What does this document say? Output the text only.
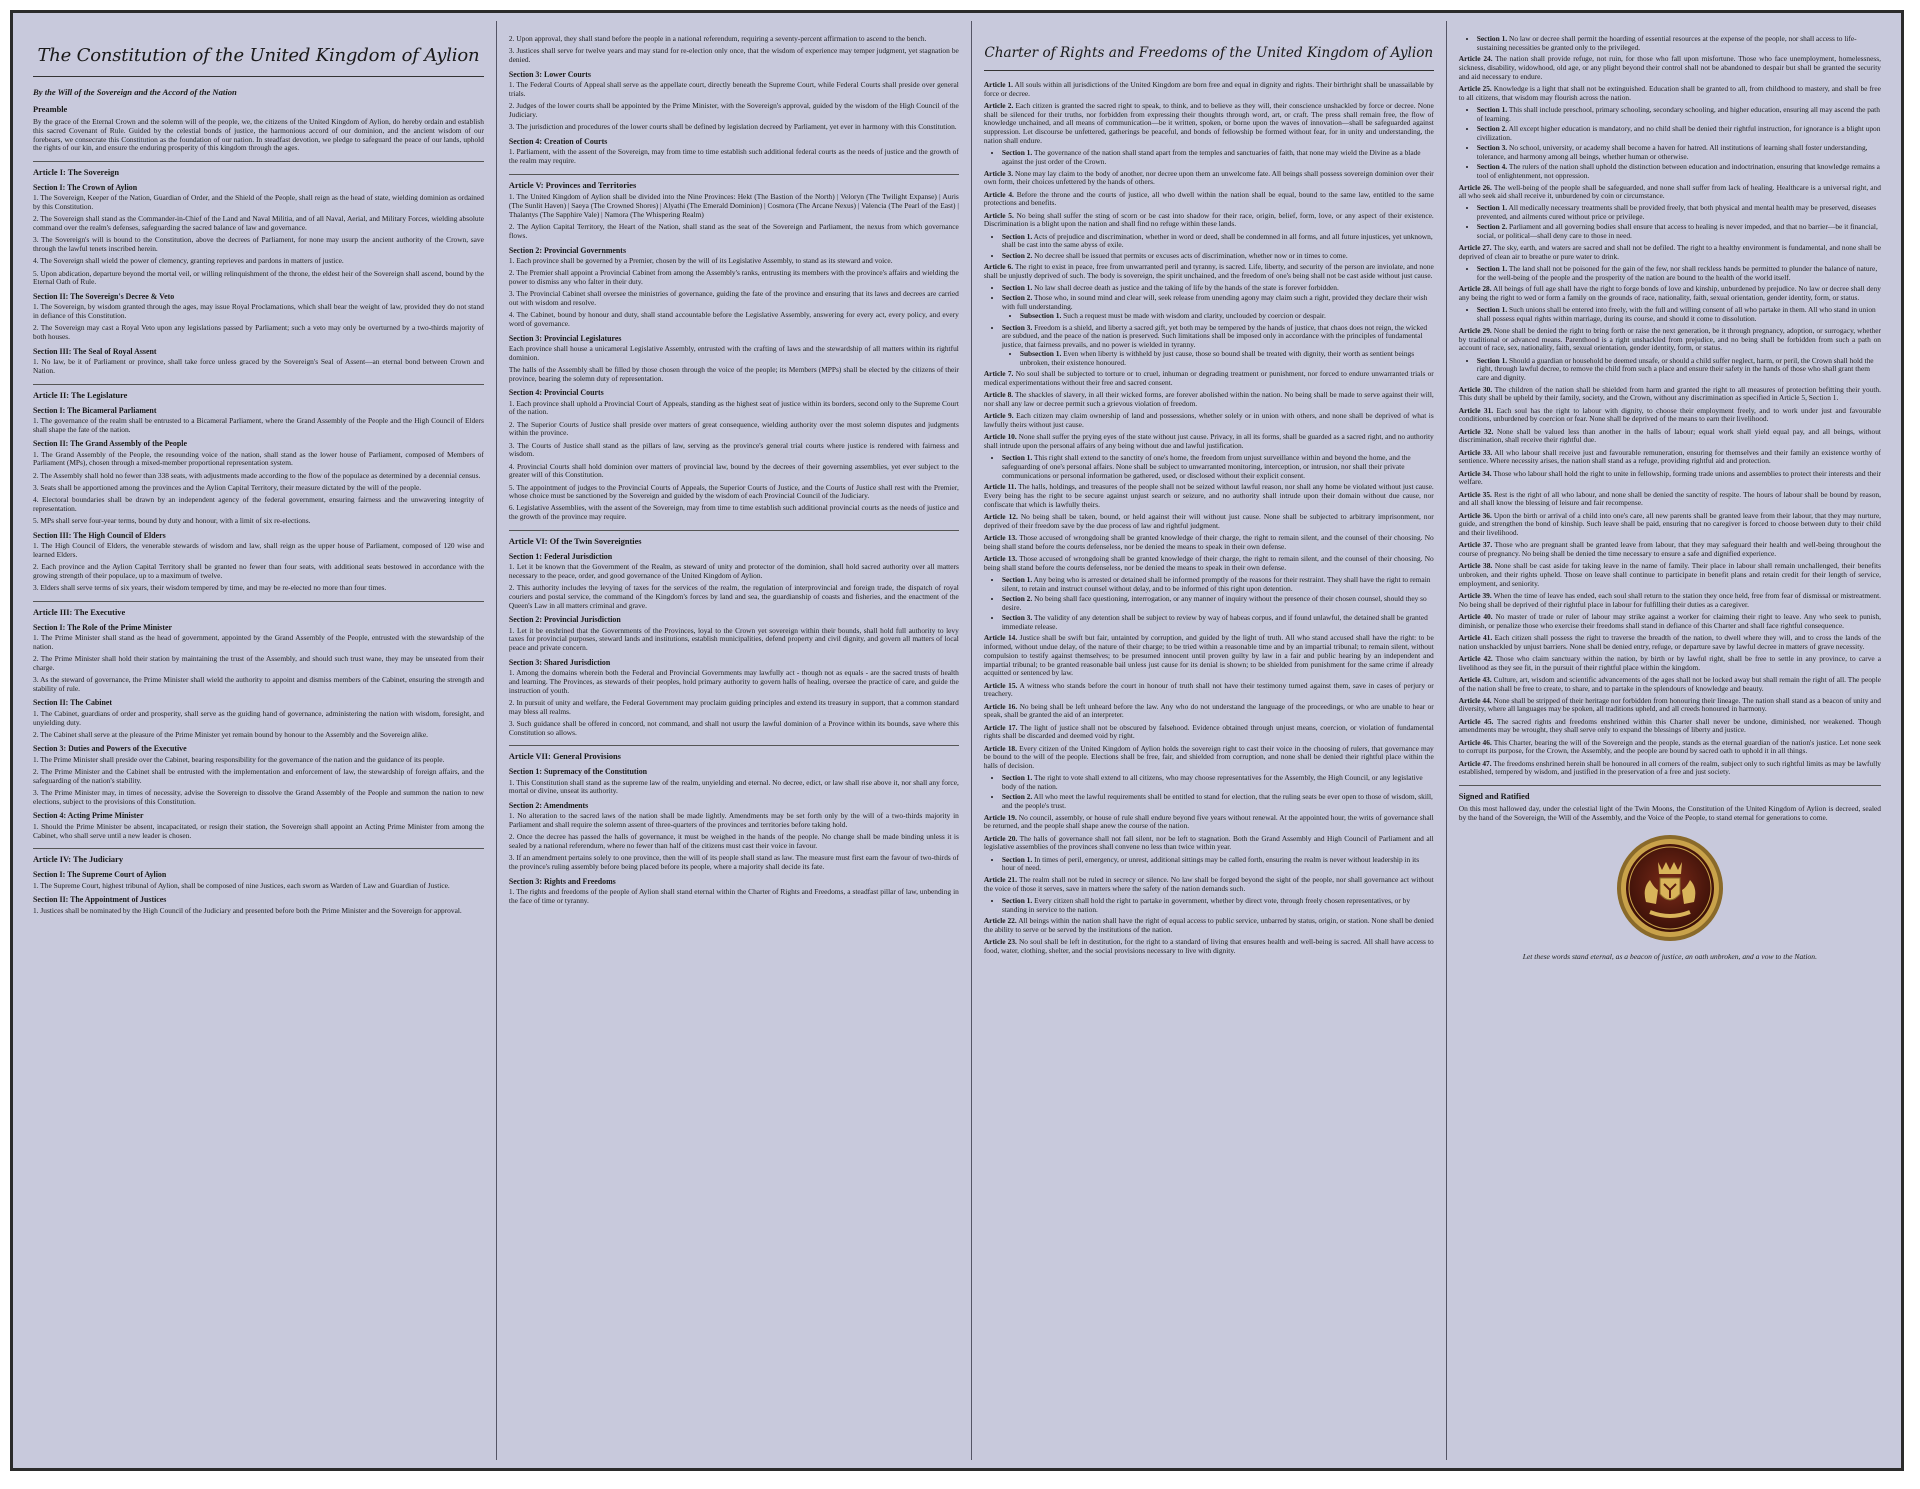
The Constitution of the United Kingdom of Aylion
By the Will of the Sovereign and the Accord of the Nation
Preamble

By the grace of the Eternal Crown and the solemn will of the people, we, the citizens of the United Kingdom of Aylion, do hereby ordain and establish this sacred Covenant of Rule. Guided by the celestial bonds of justice, the harmonious accord of our dominion, and the ancient wisdom of our forebears, we consecrate this Constitution as the foundation of our nation. In steadfast devotion, we pledge to safeguard the peace of our lands, uphold the rights of our kin, and ensure the enduring prosperity of this kingdom through the ages.

Article I: The Sovereign
Section I: The Crown of Aylion

1. The Sovereign, Keeper of the Nation, Guardian of Order, and the Shield of the People, shall reign as the head of state, wielding dominion as ordained by this Constitution.

2. The Sovereign shall stand as the Commander-in-Chief of the Land and Naval Militia, and of all Naval, Aerial, and Military Forces, wielding absolute command over the realm's defenses, safeguarding the sacred balance of law and governance.

3. The Sovereign's will is bound to the Constitution, above the decrees of Parliament, for none may usurp the ancient authority of the Crown, save through the lawful tenets inscribed herein.

4. The Sovereign shall wield the power of clemency, granting reprieves and pardons in matters of justice.

5. Upon abdication, departure beyond the mortal veil, or willing relinquishment of the throne, the eldest heir of the Sovereign shall ascend, bound by the Eternal Oath of Rule.

Section II: The Sovereign's Decree & Veto

1. The Sovereign, by wisdom granted through the ages, may issue Royal Proclamations, which shall bear the weight of law, provided they do not stand in defiance of this Constitution.

2. The Sovereign may cast a Royal Veto upon any legislations passed by Parliament; such a veto may only be overturned by a two-thirds majority of both houses.

Section III: The Seal of Royal Assent

1. No law, be it of Parliament or province, shall take force unless graced by the Sovereign's Seal of Assent—an eternal bond between Crown and Nation.

Article II: The Legislature
Section I: The Bicameral Parliament

1. The governance of the realm shall be entrusted to a Bicameral Parliament, where the Grand Assembly of the People and the High Council of Elders shall shape the fate of the nation.

Section II: The Grand Assembly of the People

1. The Grand Assembly of the People, the resounding voice of the nation, shall stand as the lower house of Parliament, composed of Members of Parliament (MPs), chosen through a mixed-member proportional representation system.

2. The Assembly shall hold no fewer than 338 seats, with adjustments made according to the flow of the populace as determined by a decennial census.

3. Seats shall be apportioned among the provinces and the Aylion Capital Territory, their measure dictated by the will of the people.

4. Electoral boundaries shall be drawn by an independent agency of the federal government, ensuring fairness and the unwavering integrity of representation.

5. MPs shall serve four-year terms, bound by duty and honour, with a limit of six re-elections.

Section III: The High Council of Elders

1. The High Council of Elders, the venerable stewards of wisdom and law, shall reign as the upper house of Parliament, composed of 120 wise and learned Elders.

2. Each province and the Aylion Capital Territory shall be granted no fewer than four seats, with additional seats bestowed in accordance with the growing strength of their populace, up to a maximum of twelve.

3. Elders shall serve terms of six years, their wisdom tempered by time, and may be re-elected no more than four times.

Article III: The Executive
Section I: The Role of the Prime Minister

1. The Prime Minister shall stand as the head of government, appointed by the Grand Assembly of the People, entrusted with the stewardship of the nation.

2. The Prime Minister shall hold their station by maintaining the trust of the Assembly, and should such trust wane, they may be unseated from their charge.

3. As the steward of governance, the Prime Minister shall wield the authority to appoint and dismiss members of the Cabinet, ensuring the strength and stability of rule.

Section II: The Cabinet

1. The Cabinet, guardians of order and prosperity, shall serve as the guiding hand of governance, administering the nation with wisdom, foresight, and unyielding duty.

2. The Cabinet shall serve at the pleasure of the Prime Minister yet remain bound by honour to the Assembly and the Sovereign alike.

Section 3: Duties and Powers of the Executive

1. The Prime Minister shall preside over the Cabinet, bearing responsibility for the governance of the nation and the guidance of its people.

2. The Prime Minister and the Cabinet shall be entrusted with the implementation and enforcement of law, the stewardship of foreign affairs, and the safeguarding of the nation's stability.

3. The Prime Minister may, in times of necessity, advise the Sovereign to dissolve the Grand Assembly of the People and summon the nation to new elections, subject to the provisions of this Constitution.

Section 4: Acting Prime Minister

1. Should the Prime Minister be absent, incapacitated, or resign their station, the Sovereign shall appoint an Acting Prime Minister from among the Cabinet, who shall serve until a new leader is chosen.

Article IV: The Judiciary
Section I: The Supreme Court of Aylion

1. The Supreme Court, highest tribunal of Aylion, shall be composed of nine Justices, each sworn as Warden of Law and Guardian of Justice.

Section II: The Appointment of Justices

1. Justices shall be nominated by the High Council of the Judiciary and presented before both the Prime Minister and the Sovereign for approval.

2. Upon approval, they shall stand before the people in a national referendum, requiring a seventy-percent affirmation to ascend to the bench.

3. Justices shall serve for twelve years and may stand for re-election only once, that the wisdom of experience may temper judgment, yet stagnation be denied.

Section 3: Lower Courts

1. The Federal Courts of Appeal shall serve as the appellate court, directly beneath the Supreme Court, while Federal Courts shall preside over general trials.

2. Judges of the lower courts shall be appointed by the Prime Minister, with the Sovereign's approval, guided by the wisdom of the High Council of the Judiciary.

3. The jurisdiction and procedures of the lower courts shall be defined by legislation decreed by Parliament, yet ever in harmony with this Constitution.

Section 4: Creation of Courts

1. Parliament, with the assent of the Sovereign, may from time to time establish such additional federal courts as the needs of justice and the growth of the realm may require.

Article V: Provinces and Territories

1. The United Kingdom of Aylion shall be divided into the Nine Provinces: Hekt (The Bastion of the North) | Veloryn (The Twilight Expanse) | Auris (The Sunlit Haven) | Saeya (The Crowned Shores) | Alyathi (The Emerald Dominion) | Cosmora (The Arcane Nexus) | Valencia (The Pearl of the East) | Thalantys (The Sapphire Vale) | Namora (The Whispering Realm)

2. The Aylion Capital Territory, the Heart of the Nation, shall stand as the seat of the Sovereign and Parliament, the nexus from which governance flows.

Section 2: Provincial Governments

1. Each province shall be governed by a Premier, chosen by the will of its Legislative Assembly, to stand as its steward and voice.

2. The Premier shall appoint a Provincial Cabinet from among the Assembly's ranks, entrusting its members with the province's affairs and wielding the power to dismiss any who falter in their duty.

3. The Provincial Cabinet shall oversee the ministries of governance, guiding the fate of the province and ensuring that its laws and decrees are carried out with wisdom and resolve.

4. The Cabinet, bound by honour and duty, shall stand accountable before the Legislative Assembly, answering for every act, every policy, and every word of governance.

Section 3: Provincial Legislatures

Each province shall house a unicameral Legislative Assembly, entrusted with the crafting of laws and the stewardship of all matters within its rightful dominion.

The halls of the Assembly shall be filled by those chosen through the voice of the people; its Members (MPPs) shall be elected by the citizens of their province, bearing the solemn duty of representation.

Section 4: Provincial Courts

1. Each province shall uphold a Provincial Court of Appeals, standing as the highest seat of justice within its borders, second only to the Supreme Court of the nation.

2. The Superior Courts of Justice shall preside over matters of great consequence, wielding authority over the most solemn disputes and judgments within the province.

3. The Courts of Justice shall stand as the pillars of law, serving as the province's general trial courts where justice is rendered with fairness and wisdom.

4. Provincial Courts shall hold dominion over matters of provincial law, bound by the decrees of their governing assemblies, yet ever subject to the greater will of this Constitution.

5. The appointment of judges to the Provincial Courts of Appeals, the Superior Courts of Justice, and the Courts of Justice shall rest with the Premier, whose choice must be sanctioned by the Sovereign and guided by the wisdom of each Provincial Council of the Judiciary.

6. Legislative Assemblies, with the assent of the Sovereign, may from time to time establish such additional provincial courts as the needs of justice and the growth of the province may require.

Article VI: Of the Twin Sovereignties
Section 1: Federal Jurisdiction

1. Let it be known that the Government of the Realm, as steward of unity and protector of the dominion, shall hold sacred authority over all matters necessary to the peace, order, and good governance of the United Kingdom of Aylion.

2. This authority includes the levying of taxes for the services of the realm, the regulation of interprovincial and foreign trade, the dispatch of royal couriers and postal service, the command of the Kingdom's forces by land and sea, the guardianship of coasts and fisheries, and the enactment of the Queen's Law in all matters criminal and grave.

Section 2: Provincial Jurisdiction

1. Let it be enshrined that the Governments of the Provinces, loyal to the Crown yet sovereign within their bounds, shall hold full authority to levy taxes for provincial purposes, steward lands and institutions, establish municipalities, defend property and civil dignity, and govern all matters of local peace and private concern.

Section 3: Shared Jurisdiction

1. Among the domains wherein both the Federal and Provincial Governments may lawfully act - though not as equals - are the sacred trusts of health and learning. The Provinces, as stewards of their peoples, hold primary authority to govern halls of healing, oversee the practice of care, and guide the instruction of youth.

2. In pursuit of unity and welfare, the Federal Government may proclaim guiding principles and extend its treasury in support, that a common standard may bless all realms.

3. Such guidance shall be offered in concord, not command, and shall not usurp the lawful dominion of a Province within its bounds, save where this Constitution so allows.

Article VII: General Provisions
Section 1: Supremacy of the Constitution

1. This Constitution shall stand as the supreme law of the realm, unyielding and eternal. No decree, edict, or law shall rise above it, nor shall any force, mortal or divine, unseat its authority.

Section 2: Amendments

1. No alteration to the sacred laws of the nation shall be made lightly. Amendments may be set forth only by the will of a two-thirds majority in Parliament and shall require the solemn assent of three-quarters of the provinces and territories before taking hold.

2. Once the decree has passed the halls of governance, it must be weighed in the hands of the people. No change shall be made binding unless it is sealed by a national referendum, where no fewer than half of the citizens must cast their voice in favour.

3. If an amendment pertains solely to one province, then the will of its people shall stand as law. The measure must first earn the favour of two-thirds of the province's ruling assembly before being placed before its people, where a majority shall decide its fate.

Section 3: Rights and Freedoms

1. The rights and freedoms of the people of Aylion shall stand eternal within the Charter of Rights and Freedoms, a steadfast pillar of law, unbending in the face of time or tyranny.

Charter of Rights and Freedoms of the United Kingdom of Aylion

Article 1. All souls within all jurisdictions of the United Kingdom are born free and equal in dignity and rights. Their birthright shall be unassailable by force or decree.

Article 2. Each citizen is granted the sacred right to speak, to think, and to believe as they will, their conscience unshackled by force or decree. None shall be silenced for their truths, nor forbidden from expressing their thoughts through word, art, or craft. The press shall remain free, the flow of knowledge unchained, and all means of communication—be it written, spoken, or borne upon the waves of innovation—shall be safeguarded against suppression. Let discourse be unfettered, gatherings be peaceful, and bonds of fellowship be formed without fear, for in unity and understanding, the nation shall endure.

• Section 1. The governance of the nation shall stand apart from the temples and sanctuaries of faith, that none may wield the Divine as a blade against the just order of the Crown.

Article 3. None may lay claim to the body of another, nor decree upon them an unwelcome fate. All beings shall possess sovereign dominion over their own form, their choices unfettered by the hands of others.

Article 4. Before the throne and the courts of justice, all who dwell within the nation shall be equal, bound to the same law, entitled to the same protections and benefits.

Article 5. No being shall suffer the sting of scorn or be cast into shadow for their race, origin, belief, form, love, or any aspect of their existence. Discrimination is a blight upon the nation and shall find no refuge within these lands.

• Section 1. Acts of prejudice and discrimination, whether in word or deed, shall be condemned in all forms, and all future injustices, yet unknown, shall be cast into the same abyss of exile.
• Section 2. No decree shall be issued that permits or excuses acts of discrimination, whether now or in times to come.

Article 6. The right to exist in peace, free from unwarranted peril and tyranny, is sacred. Life, liberty, and security of the person are inviolate, and none shall be unjustly deprived of such. The body is sovereign, the spirit unchained, and the freedom of one's being shall not be cast aside without just cause.

• Section 1. No law shall decree death as justice and the taking of life by the hands of the state is forever forbidden.
• Section 2. Those who, in sound mind and clear will, seek release from unending agony may claim such a right, provided they declare their wish with full understanding.
• Subsection 1. Such a request must be made with wisdom and clarity, unclouded by coercion or despair.
• Section 3. Freedom is a shield, and liberty a sacred gift, yet both may be tempered by the hands of justice, that chaos does not reign, the wicked are subdued, and the peace of the nation is preserved. Such limitations shall be imposed only in accordance with the principles of fundamental justice, that fairness prevails, and no power is wielded in tyranny.
• Subsection 1. Even when liberty is withheld by just cause, those so bound shall be treated with dignity, their worth as sentient beings unbroken, their existence honoured.

Article 7. No soul shall be subjected to torture or to cruel, inhuman or degrading treatment or punishment, nor forced to endure unwarranted trials or medical experimentations without their free and sacred consent.

Article 8. The shackles of slavery, in all their wicked forms, are forever abolished within the nation. No being shall be made to serve against their will, nor shall any law or decree permit such a grievous violation of freedom.

Article 9. Each citizen may claim ownership of land and possessions, whether solely or in union with others, and none shall be deprived of what is lawfully theirs without just cause.

Article 10. None shall suffer the prying eyes of the state without just cause. Privacy, in all its forms, shall be guarded as a sacred right, and no authority shall intrude upon the personal affairs of any being without due and lawful justification.

• Section 1. This right shall extend to the sanctity of one's home, the freedom from unjust surveillance within and beyond the home, and the safeguarding of one's personal affairs. None shall be subject to unwarranted monitoring, interception, or intrusion, nor shall their private communications or personal information be gathered, used, or disclosed without their explicit consent.

Article 11. The halls, holdings, and treasures of the people shall not be seized without lawful reason, nor shall any home be violated without just cause. Every being has the right to be secure against unjust search or seizure, and no authority shall intrude upon their domain without due cause, nor confiscate that which is lawfully theirs.

Article 12. No being shall be taken, bound, or held against their will without just cause. None shall be subjected to arbitrary imprisonment, nor deprived of their freedom save by the due process of law and rightful judgment.

Article 13. Those accused of wrongdoing shall be granted knowledge of their charge, the right to remain silent, and the counsel of their choosing. No being shall stand before the courts defenseless, nor be denied the means to speak in their own defense.

Article 13. Those accused of wrongdoing shall be granted knowledge of their charge, the right to remain silent, and the counsel of their choosing. No being shall stand before the courts defenseless, nor be denied the means to speak in their own defense.

• Section 1. Any being who is arrested or detained shall be informed promptly of the reasons for their restraint. They shall have the right to remain silent, to retain and instruct counsel without delay, and to be informed of this right upon detention.
• Section 2. No being shall face questioning, interrogation, or any manner of inquiry without the presence of their chosen counsel, should they so desire.
• Section 3. The validity of any detention shall be subject to review by way of habeas corpus, and if found unlawful, the detained shall be granted immediate release.

Article 14. Justice shall be swift but fair, untainted by corruption, and guided by the light of truth. All who stand accused shall have the right: to be informed, without undue delay, of the nature of their charge; to be tried within a reasonable time and by an impartial tribunal; to remain silent, without compulsion to testify against themselves; to be presumed innocent until proven guilty by law in a fair and public hearing by an independent and impartial tribunal; to be granted reasonable bail unless just cause for its denial is shown; to be shielded from punishment for the same crime if already acquitted or sentenced by law.

Article 15. A witness who stands before the court in honour of truth shall not have their testimony turned against them, save in cases of perjury or treachery.

Article 16. No being shall be left unheard before the law. Any who do not understand the language of the proceedings, or who are unable to hear or speak, shall be granted the aid of an interpreter.

Article 17. The light of justice shall not be obscured by falsehood. Evidence obtained through unjust means, coercion, or violation of fundamental rights shall be discarded and deemed void by right.

Article 18. Every citizen of the United Kingdom of Aylion holds the sovereign right to cast their voice in the choosing of rulers, that governance may be bound to the will of the people. Elections shall be free, fair, and shielded from corruption, and none shall be denied their rightful place within the halls of decision.

• Section 1. The right to vote shall extend to all citizens, who may choose representatives for the Assembly, the High Council, or any legislative body of the nation.
• Section 2. All who meet the lawful requirements shall be entitled to stand for election, that the ruling seats be ever open to those of wisdom, skill, and the people's trust.

Article 19. No council, assembly, or house of rule shall endure beyond five years without renewal. At the appointed hour, the writs of governance shall be returned, and the people shall shape anew the course of the nation.

Article 20. The halls of governance shall not fall silent, nor be left to stagnation. Both the Grand Assembly and High Council of Parliament and all legislative assemblies of the provinces shall convene no less than twice within year.

• Section 1. In times of peril, emergency, or unrest, additional sittings may be called forth, ensuring the realm is never without leadership in its hour of need.

Article 21. The realm shall not be ruled in secrecy or silence. No law shall be forged beyond the sight of the people, nor shall governance act without the voice of those it serves, save in matters where the safety of the nation demands such.

• Section 1. Every citizen shall hold the right to partake in government, whether by direct vote, through freely chosen representatives, or by standing in service to the nation.

Article 22. All beings within the nation shall have the right of equal access to public service, unbarred by status, origin, or station. None shall be denied the ability to serve or be served by the institutions of the nation.

Article 23. No soul shall be left in destitution, for the right to a standard of living that ensures health and well-being is sacred. All shall have access to food, water, clothing, shelter, and the social provisions necessary to live with dignity.

• Section 1. No law or decree shall permit the hoarding of essential resources at the expense of the people, nor shall access to life-sustaining necessities be granted only to the privileged.

Article 24. The nation shall provide refuge, not ruin, for those who fall upon misfortune. Those who face unemployment, homelessness, sickness, disability, widowhood, old age, or any plight beyond their control shall not be abandoned to despair but shall be granted the security and aid necessary to endure.

Article 25. Knowledge is a light that shall not be extinguished. Education shall be granted to all, from childhood to mastery, and shall be free to all citizens, that wisdom may flourish across the nation.

• Section 1. This shall include preschool, primary schooling, secondary schooling, and higher education, ensuring all may ascend the path of learning.
• Section 2. All except higher education is mandatory, and no child shall be denied their rightful instruction, for ignorance is a blight upon civilization.
• Section 3. No school, university, or academy shall become a haven for hatred. All institutions of learning shall foster understanding, tolerance, and harmony among all beings, whether human or otherwise.
• Section 4. The rulers of the nation shall uphold the distinction between education and indoctrination, ensuring that knowledge remains a tool of enlightenment, not oppression.

Article 26. The well-being of the people shall be safeguarded, and none shall suffer from lack of healing. Healthcare is a universal right, and all who seek aid shall receive it, unburdened by coin or circumstance.

• Section 1. All medically necessary treatments shall be provided freely, that both physical and mental health may be preserved, diseases prevented, and ailments cured without price or privilege.
• Section 2. Parliament and all governing bodies shall ensure that access to healing is never impeded, and that no barrier—be it financial, social, or political—shall deny care to those in need.

Article 27. The sky, earth, and waters are sacred and shall not be defiled. The right to a healthy environment is fundamental, and none shall be deprived of clean air to breathe or pure water to drink.

• Section 1. The land shall not be poisoned for the gain of the few, nor shall reckless hands be permitted to plunder the balance of nature, for the well-being of the people and the prosperity of the nation are bound to the health of the world itself.

Article 28. All beings of full age shall have the right to forge bonds of love and kinship, unburdened by prejudice. No law or decree shall deny any being the right to wed or form a family on the grounds of race, nationality, faith, sexual orientation, gender identity, form, or status.

• Section 1. Such unions shall be entered into freely, with the full and willing consent of all who partake in them. All who stand in union shall possess equal rights within marriage, during its course, and should it come to dissolution.

Article 29. None shall be denied the right to bring forth or raise the next generation, be it through pregnancy, adoption, or surrogacy, whether by traditional or advanced means. Parenthood is a right unshackled from prejudice, and no being shall be forbidden from such a path on account of race, sex, nationality, faith, sexual orientation, gender identity, form, or status.

• Section 1. Should a guardian or household be deemed unsafe, or should a child suffer neglect, harm, or peril, the Crown shall hold the right, through lawful decree, to remove the child from such a place and ensure their safety in the hands of those who shall grant them care and dignity.

Article 30. The children of the nation shall be shielded from harm and granted the right to all measures of protection befitting their youth. This duty shall be upheld by their family, society, and the Crown, without any discrimination as specified in Article 5, Section 1.

Article 31. Each soul has the right to labour with dignity, to choose their employment freely, and to work under just and favourable conditions, unburdened by coercion or fear. None shall be deprived of the means to earn their livelihood.

Article 32. None shall be valued less than another in the halls of labour; equal work shall yield equal pay, and all beings, without discrimination, shall receive their rightful due.

Article 33. All who labour shall receive just and favourable remuneration, ensuring for themselves and their family an existence worthy of sentience. Where necessity arises, the nation shall stand as a refuge, providing rightful aid and protection.

Article 34. Those who labour shall hold the right to unite in fellowship, forming trade unions and assemblies to protect their interests and their welfare.

Article 35. Rest is the right of all who labour, and none shall be denied the sanctity of respite. The hours of labour shall be bound by reason, and all shall know the blessing of leisure and fair recompense.

Article 36. Upon the birth or arrival of a child into one's care, all new parents shall be granted leave from their labour, that they may nurture, guide, and strengthen the bond of kinship. Such leave shall be paid, ensuring that no caregiver is forced to choose between duty to their child and their livelihood.

Article 37. Those who are pregnant shall be granted leave from labour, that they may safeguard their health and well-being throughout the course of pregnancy. No being shall be denied the time necessary to ensure a safe and dignified experience.

Article 38. None shall be cast aside for taking leave in the name of family. Their place in labour shall remain unchallenged, their benefits unbroken, and their rights upheld. Those on leave shall continue to participate in benefit plans and retain credit for their length of service, employment, and seniority.

Article 39. When the time of leave has ended, each soul shall return to the station they once held, free from fear of dismissal or mistreatment. No being shall be deprived of their rightful place in labour for fulfilling their duties as a caregiver.

Article 40. No master of trade or ruler of labour may strike against a worker for claiming their right to leave. Any who seek to punish, diminish, or penalize those who exercise their freedoms shall stand in defiance of this Charter and shall face rightful consequence.

Article 41. Each citizen shall possess the right to traverse the breadth of the nation, to dwell where they will, and to cross the lands of the nation unshackled by unjust barriers. None shall be denied entry, refuge, or departure save by lawful decree in matters of grave necessity.

Article 42. Those who claim sanctuary within the nation, by birth or by lawful right, shall be free to settle in any province, to carve a livelihood as they see fit, in the pursuit of their rightful place within the kingdom.

Article 43. Culture, art, wisdom and scientific advancements of the ages shall not be locked away but shall remain the right of all. The people of the nation shall be free to create, to share, and to partake in the splendours of knowledge and beauty.

Article 44. None shall be stripped of their heritage nor forbidden from honouring their lineage. The nation shall stand as a beacon of unity and diversity, where all languages may be spoken, all traditions upheld, and all creeds honoured in harmony.

Article 45. The sacred rights and freedoms enshrined within this Charter shall never be undone, diminished, nor weakened. Though amendments may be wrought, they shall serve only to expand the blessings of liberty and justice.

Article 46. This Charter, bearing the will of the Sovereign and the people, stands as the eternal guardian of the nation's justice. Let none seek to corrupt its purpose, for the Crown, the Assembly, and the people are bound by sacred oath to uphold it in all things.

Article 47. The freedoms enshrined herein shall be honoured in all corners of the realm, subject only to such rightful limits as may be lawfully established, tempered by wisdom, and justified in the preservation of a free and just society.

Signed and Ratified

On this most hallowed day, under the celestial light of the Twin Moons, the Constitution of the United Kingdom of Aylion is decreed, sealed by the hand of the Sovereign, the Will of the Assembly, and the Voice of the People, to stand eternal for generations to come.

Let these words stand eternal, as a beacon of justice, an oath unbroken, and a vow to the Nation.
